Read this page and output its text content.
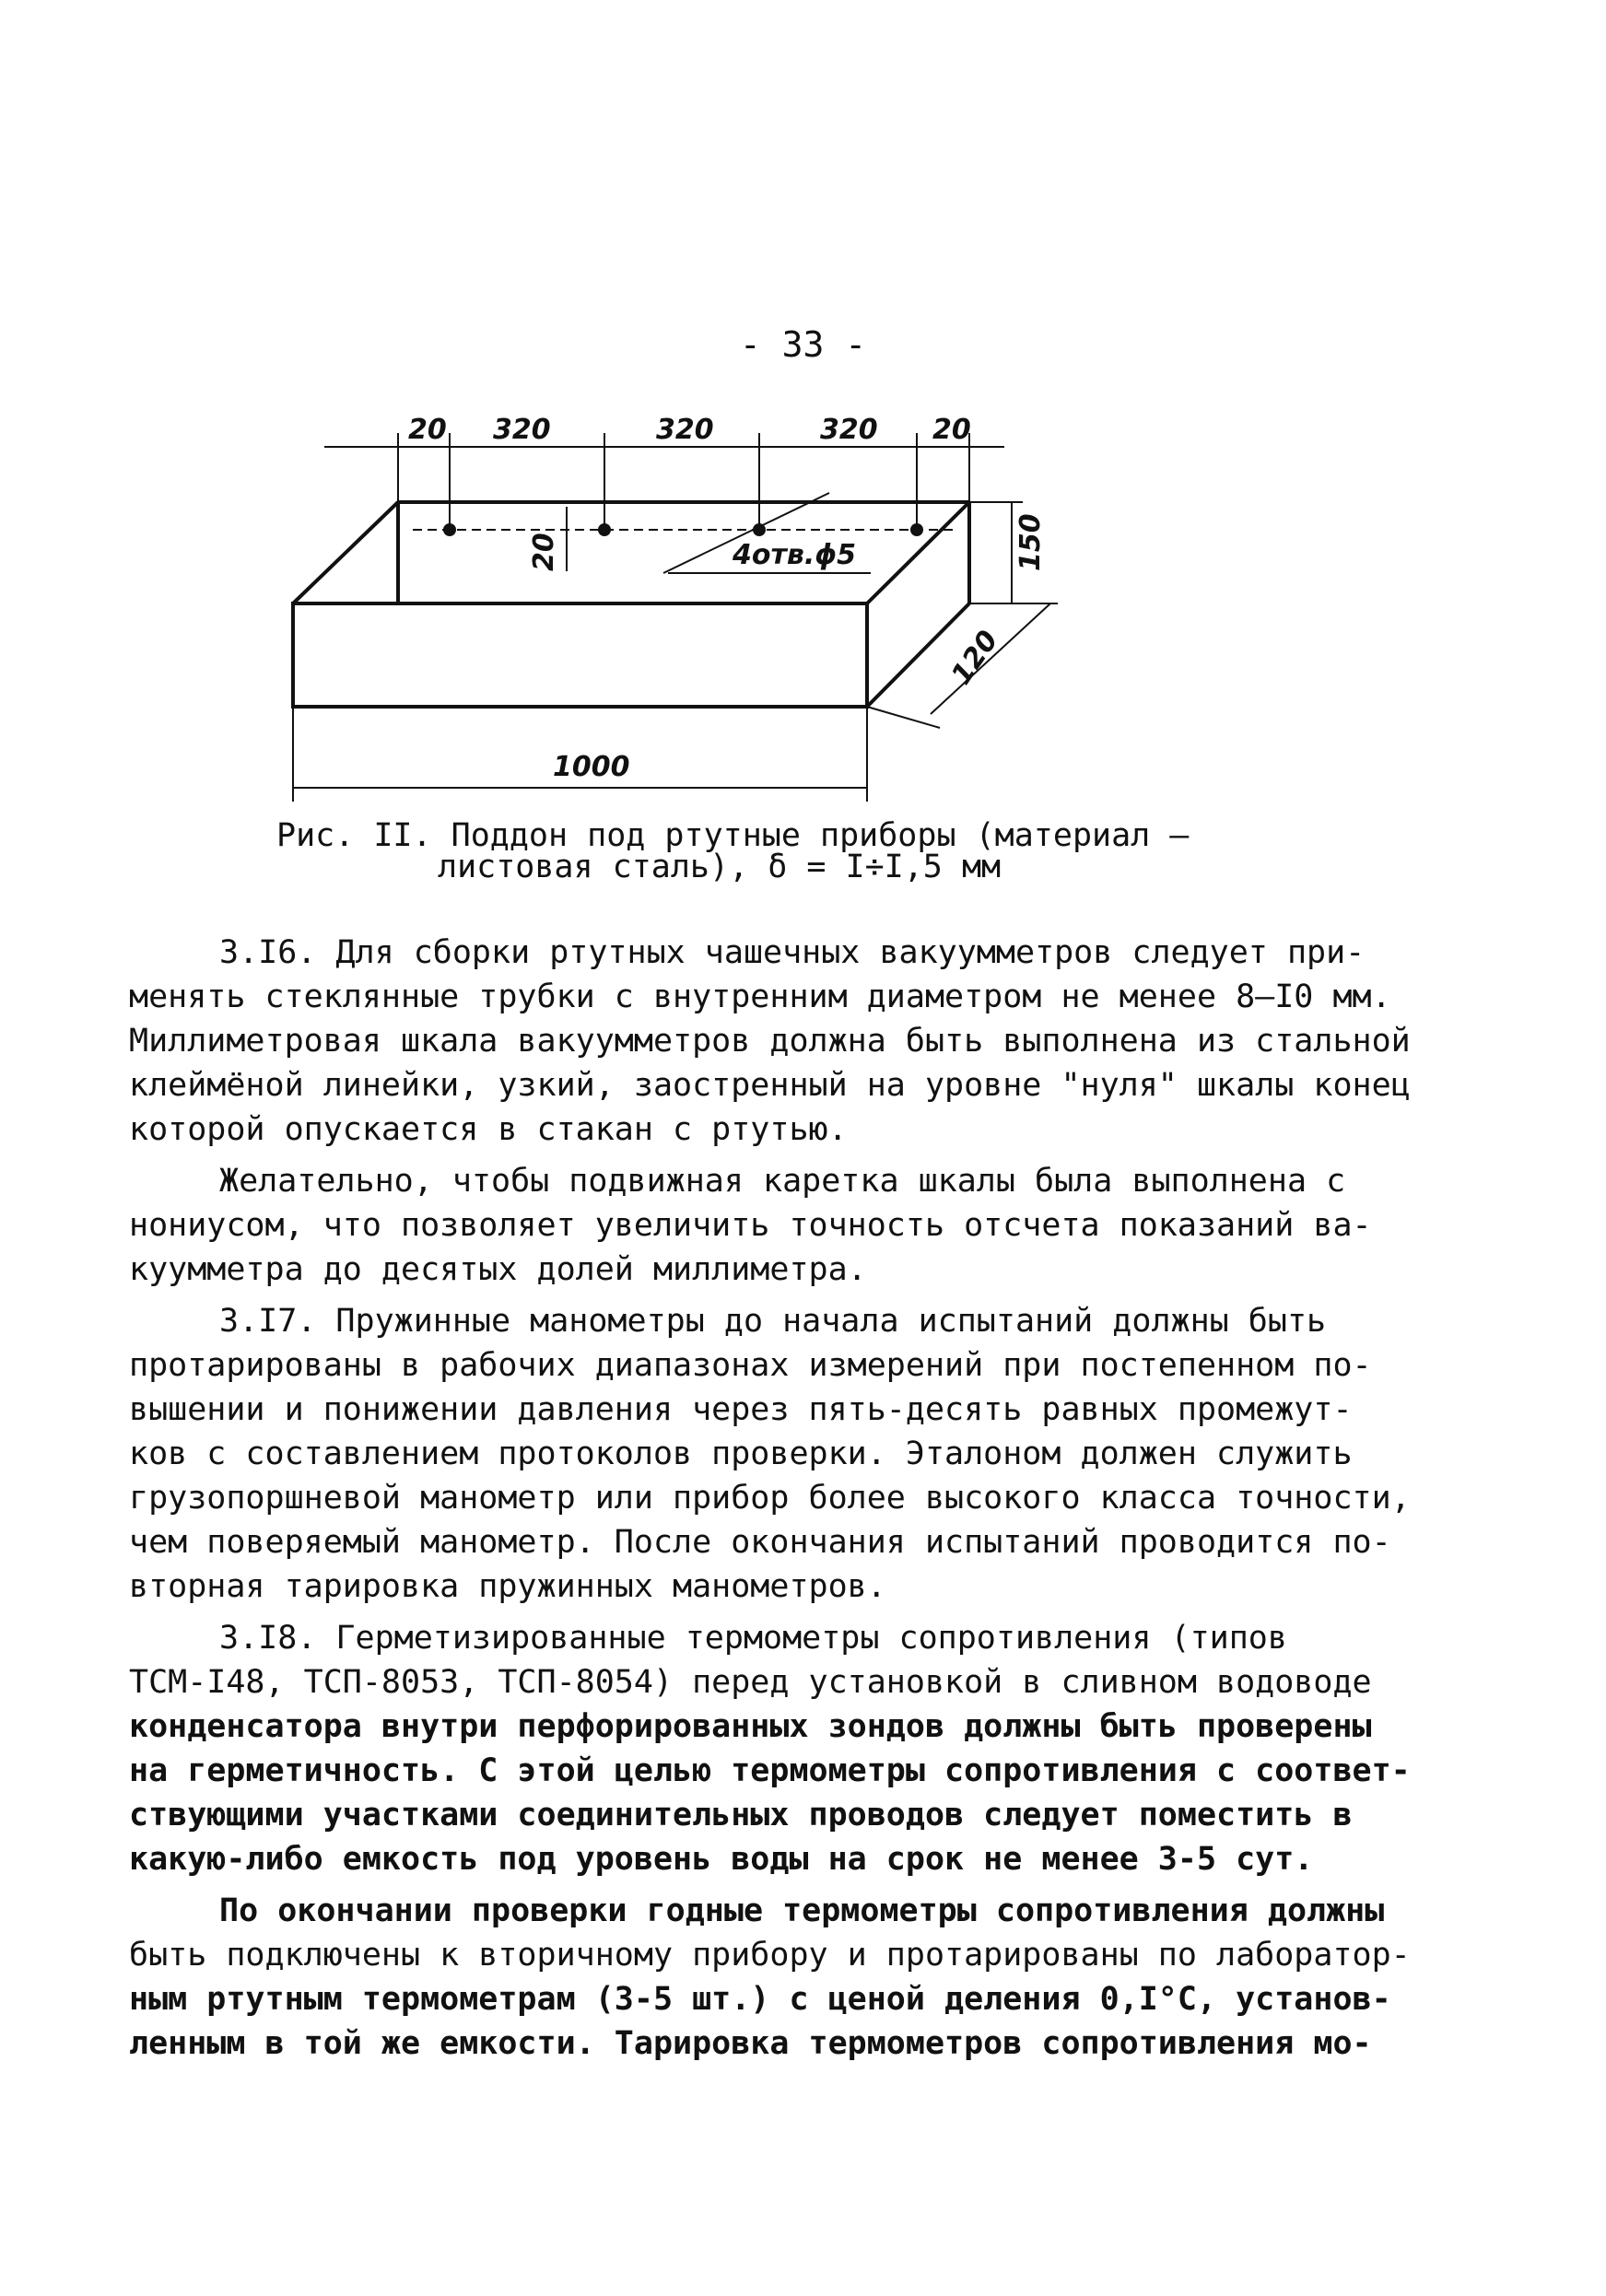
- 33 -
20 320	320	320 20
20	4отв.ϕ5	150
120
1000
Рис. II. Поддон под ртутные приборы (материал –
листовая сталь), δ = I÷I,5 мм
3.I6. Для сборки ртутных чашечных вакуумметров следует при-
менять стеклянные трубки с внутренним диаметром не менее 8–I0 мм.
Миллиметровая шкала вакуумметров должна быть выполнена из стальной
клеймёной линейки, узкий, заостренный на уровне "нуля" шкалы конец
которой опускается в стакан с ртутью.
Желательно, чтобы подвижная каретка шкалы была выполнена с
нониусом, что позволяет увеличить точность отсчета показаний ва-
куумметра до десятых долей миллиметра.
3.I7. Пружинные манометры до начала испытаний должны быть
протарированы в рабочих диапазонах измерений при постепенном по-
вышении и понижении давления через пять-десять равных промежут-
ков с составлением протоколов проверки. Эталоном должен служить
грузопоршневой манометр или прибор более высокого класса точности,
чем поверяемый манометр. После окончания испытаний проводится по-
вторная тарировка пружинных манометров.
3.I8. Герметизированные термометры сопротивления (типов
ТСМ-I48, ТСП-8053, ТСП-8054) перед установкой в сливном водоводе
конденсатора внутри перфорированных зондов должны быть проверены
на герметичность. С этой целью термометры сопротивления с соответ-
ствующими участками соединительных проводов следует поместить в
какую-либо емкость под уровень воды на срок не менее 3-5 сут.
По окончании проверки годные термометры сопротивления должны
быть подключены к вторичному прибору и протарированы по лаборатор-
ным ртутным термометрам (3-5 шт.) с ценой деления 0,I°С, установ-
ленным в той же емкости. Тарировка термометров сопротивления мо-
